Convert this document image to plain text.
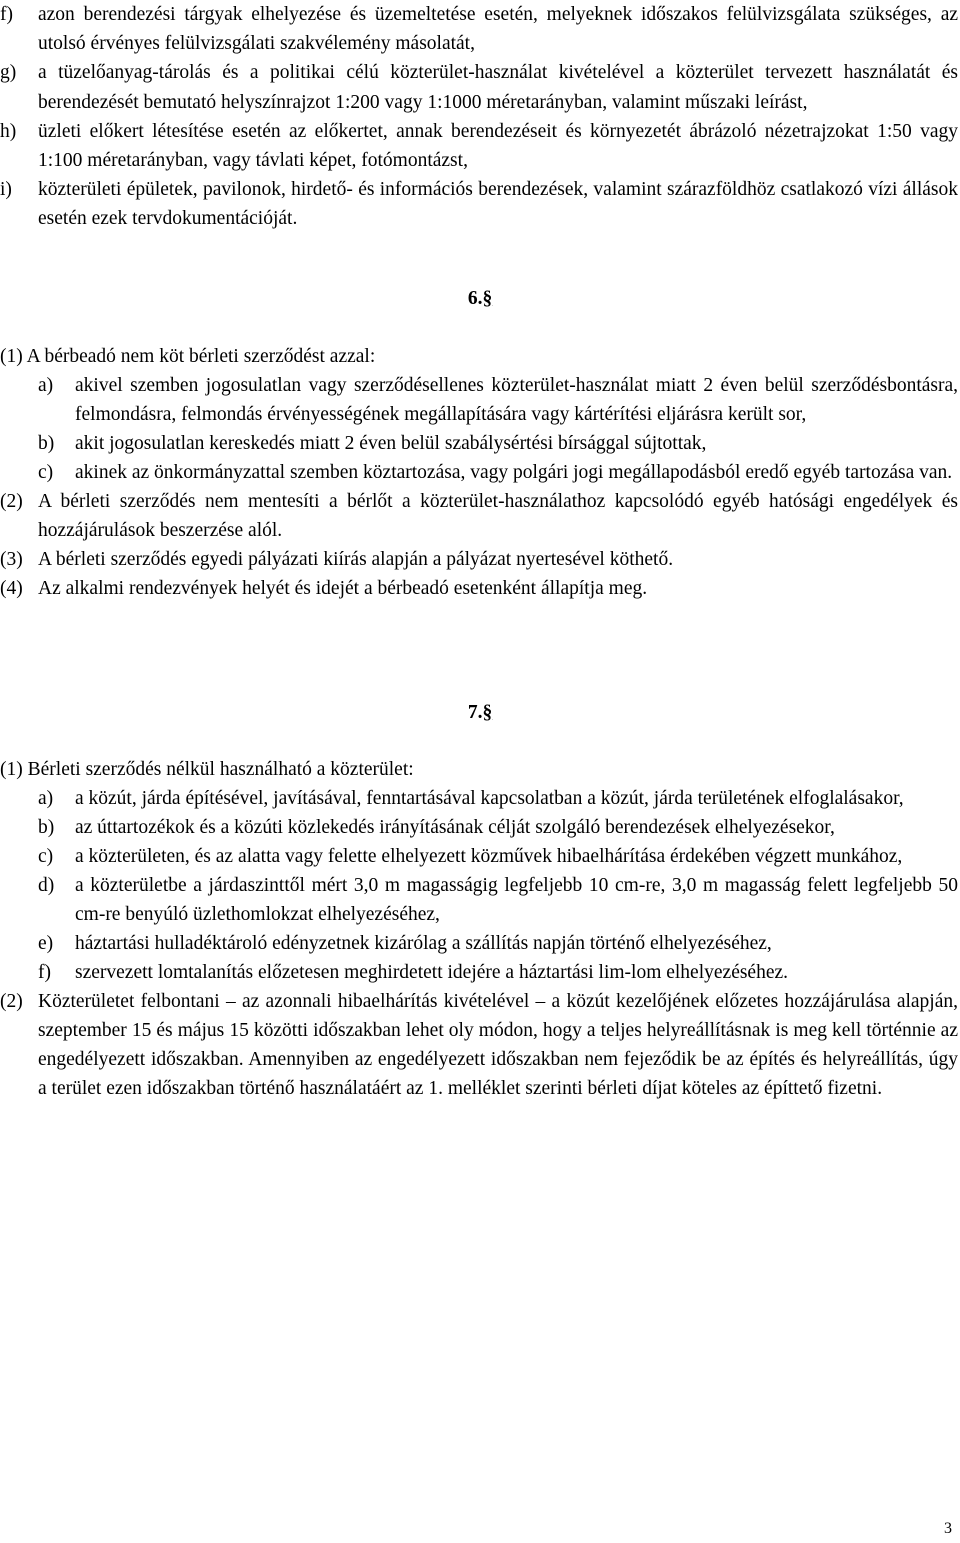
f) azon berendezési tárgyak elhelyezése és üzemeltetése esetén, melyeknek időszakos felülvizsgálata szükséges, az utolsó érvényes felülvizsgálati szakvélemény másolatát,
g) a tüzelőanyag-tárolás és a politikai célú közterület-használat kivételével a közterület tervezett használatát és berendezését bemutató helyszínrajzot 1:200 vagy 1:1000 méretarányban, valamint műszaki leírást,
h) üzleti előkert létesítése esetén az előkertet, annak berendezéseit és környezetét ábrázoló nézetrajzokat 1:50 vagy 1:100 méretarányban, vagy távlati képet, fotómontázst,
i) közterületi épületek, pavilonok, hirdető- és információs berendezések, valamint szárazföldhöz csatlakozó vízi állások esetén ezek tervdokumentációját.
6.§
(1) A bérbeadó nem köt bérleti szerződést azzal:
a) akivel szemben jogosulatlan vagy szerződésellenes közterület-használat miatt 2 éven belül szerződésbontásra, felmondásra, felmondás érvényességének megállapítására vagy kártérítési eljárásra került sor,
b) akit jogosulatlan kereskedés miatt 2 éven belül szabálysértési bírsággal sújtottak,
c) akinek az önkormányzattal szemben köztartozása, vagy polgári jogi megállapodásból eredő egyéb tartozása van.
(2) A bérleti szerződés nem mentesíti a bérlőt a közterület-használathoz kapcsolódó egyéb hatósági engedélyek és hozzájárulások beszerzése alól.
(3) A bérleti szerződés egyedi pályázati kiírás alapján a pályázat nyertesével köthető.
(4) Az alkalmi rendezvények helyét és idejét a bérbeadó esetenként állapítja meg.
7.§
(1) Bérleti szerződés nélkül használható a közterület:
a) a közút, járda építésével, javításával, fenntartásával kapcsolatban a közút, járda területének elfoglalásakor,
b) az úttartozékok és a közúti közlekedés irányításának célját szolgáló berendezések elhelyezésekor,
c) a közterületen, és az alatta vagy felette elhelyezett közművek hibaelhárítása érdekében végzett munkához,
d) a közterületbe a járdaszinttől mért 3,0 m magasságig legfeljebb 10 cm-re, 3,0 m magasság felett legfeljebb 50 cm-re benyúló üzlethomlokzat elhelyezéséhez,
e) háztartási hulladéktároló edényzetnek kizárólag a szállítás napján történő elhelyezéséhez,
f) szervezett lomtalanítás előzetesen meghirdetett idejére a háztartási lim-lom elhelyezéséhez.
(2) Közterületet felbontani – az azonnali hibaelhárítás kivételével – a közút kezelőjének előzetes hozzájárulása alapján, szeptember 15 és május 15 közötti időszakban lehet oly módon, hogy a teljes helyreállításnak is meg kell történnie az engedélyezett időszakban. Amennyiben az engedélyezett időszakban nem fejeződik be az építés és helyreállítás, úgy a terület ezen időszakban történő használatáért az 1. melléklet szerinti bérleti díjat köteles az építtető fizetni.
3
